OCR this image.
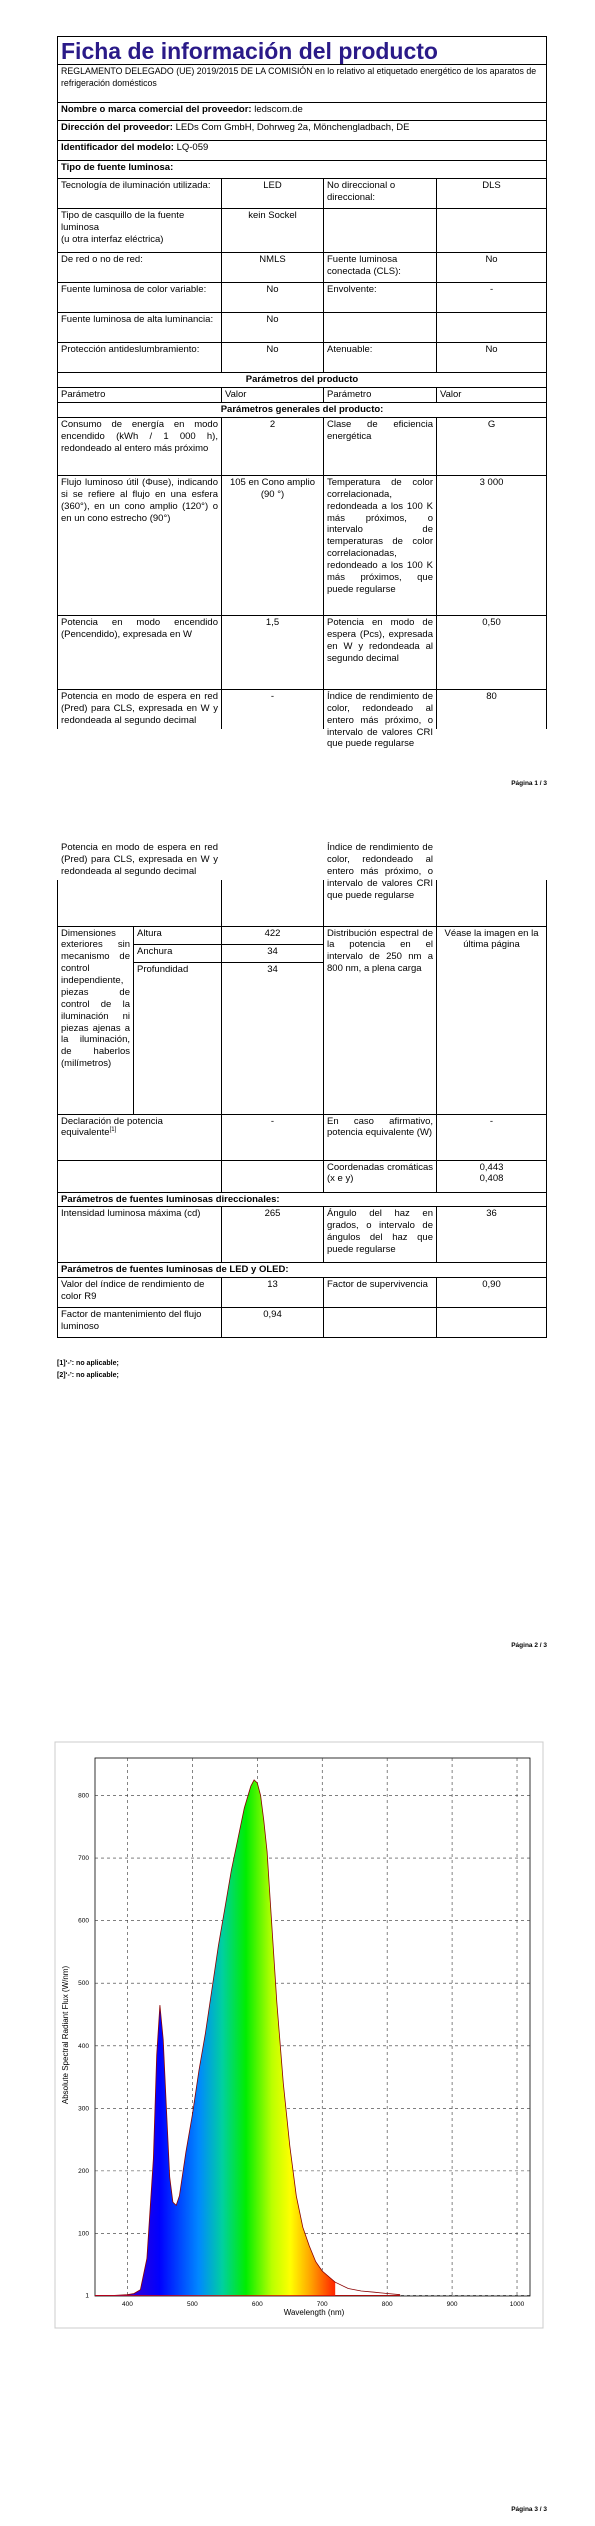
Ficha de información del producto			
REGLAMENTO DELEGADO (UE) 2019/2015 DE LA COMISIÓN en lo relativo al etiquetado energético de los aparatos de refrigeración domésticos			
Nombre o marca comercial del proveedor: ledscom.de			
Dirección del proveedor: LEDs Com GmbH, Dohrweg 2a, Mönchengladbach, DE			
Identificador del modelo: LQ-059			
Tipo de fuente luminosa:			
Tecnología de iluminación utilizada:	LED	No direccional o direccional:	DLS

Tipo de casquillo de la fuente luminosa
(u otra interfaz eléctrica)	kein Sockel		
De red o no de red:	NMLS	Fuente luminosa conectada (CLS):	No
Fuente luminosa de color variable:	No	Envolvente:	-
Fuente luminosa de alta luminancia:	No		
Protección antideslumbramiento:	No	Atenuable:	No
Parámetros del producto			
Parámetro	Valor	Parámetro	Valor
Parámetros generales del producto:			
Consumo de energía en modo encendido (kWh / 1 000 h), redondeado al entero más próximo	2	Clase de eficiencia energética	G
Flujo luminoso útil (Φuse), indicando si se refiere al flujo en una esfera (360°), en un cono amplio (120°) o en un cono estrecho (90°)	105 en Cono amplio (90 °)	Temperatura de color correlacionada, redondeada a los 100 K más próximos, o intervalo de temperaturas de color correlacionadas, redondeado a los 100 K más próximos, que puede regularse	3 000
Potencia en modo encendido (Pencendido), expresada en W	1,5	Potencia en modo de espera (Pcs), expresada en W y redondeada al segundo decimal	0,50

Potencia en modo de espera en red (Pred) para CLS, expresada en W y redondeada al segundo decimal	-	Índice de rendimiento de color, redondeado al entero más próximo, o intervalo de valores CRI que puede regularse	80
Página 1 / 3
Potencia en modo de espera en red (Pred) para CLS, expresada en W y redondeada al segundo decimal			Índice de rendimiento de color, redondeado al entero más próximo, o intervalo de valores CRI que puede regularse	

Dimensiones exteriores sin mecanismo de control independiente, piezas de control de la iluminación ni piezas ajenas a la iluminación, de haberlos (milímetros)	Altura	422	Distribución espectral de la potencia en el intervalo de 250 nm a 800 nm, a plena carga	Véase la imagen en la última página
	Anchura	34		
	Profundidad	34		
Declaración de potencia equivalente[1]		-	En caso afirmativo, potencia equivalente (W)	-
			Coordenadas cromáticas (x e y)	0,443
0,408

Parámetros de fuentes luminosas direccionales:				
Intensidad luminosa máxima (cd)		265	Ángulo del haz en grados, o intervalo de ángulos del haz que puede regularse	36
Parámetros de fuentes luminosas de LED y OLED:				
Valor del índice de rendimiento de color R9		13	Factor de supervivencia	0,90
Factor de mantenimiento del flujo luminoso		0,94		
[1]‘-’: no aplicable;
[2]‘-’: no aplicable;
Página 2 / 3
400	500	600	700	800	900	1000
1
100
200
300
400
500
600
700
800
Wavelength (nm)
Absolute Spectral Radiant Flux (W/nm)
Página 3 / 3
